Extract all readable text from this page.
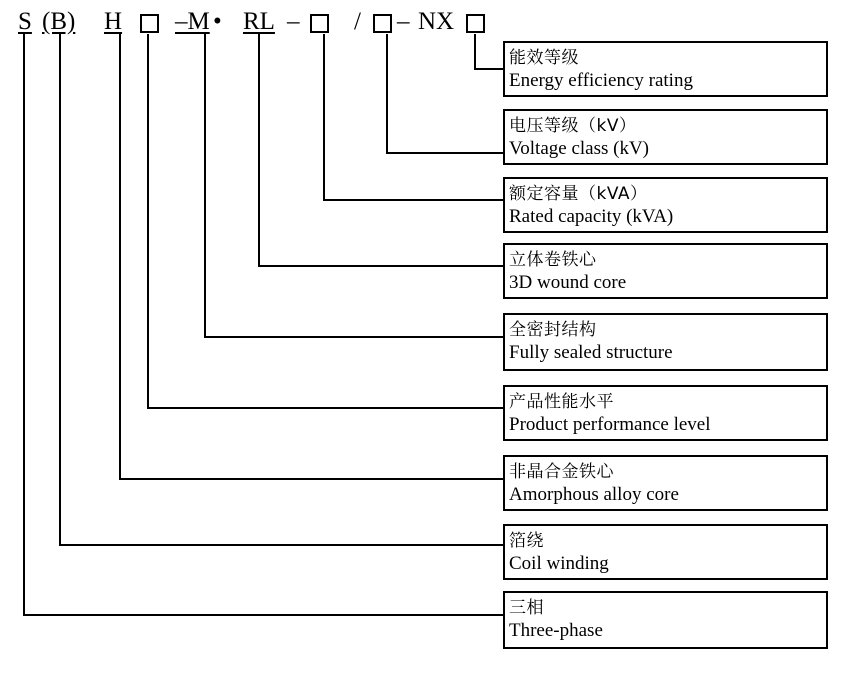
S (B) H –M • RL – / – NX
能效等级
Energy efficiency rating
电压等级（kV）
Voltage class (kV)
额定容量（kVA）
Rated capacity (kVA)
立体卷铁心
3D wound core
全密封结构
Fully sealed structure
产品性能水平
Product performance level
非晶合金铁心
Amorphous alloy core
箔绕
Coil winding
三相
Three-phase
